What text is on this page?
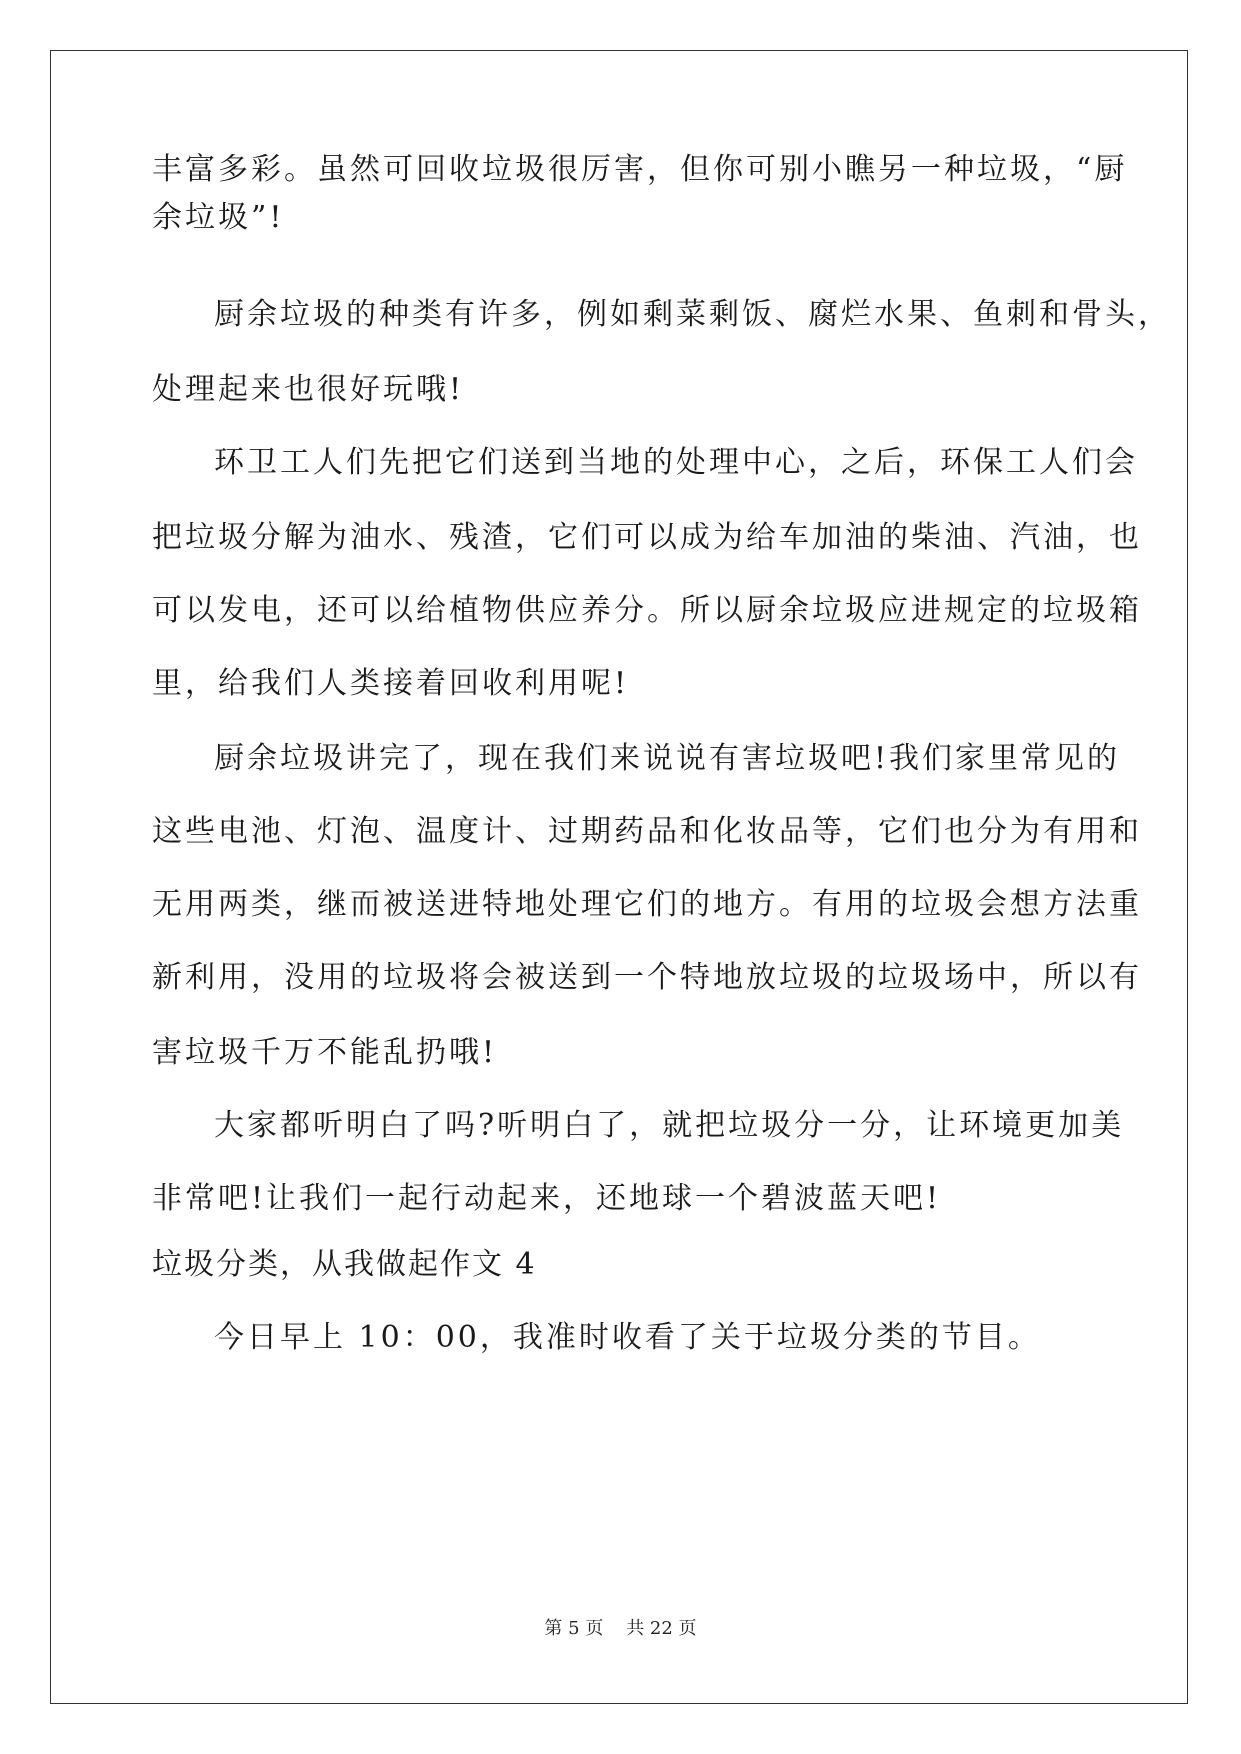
丰富多彩。虽然可回收垃圾很厉害，但你可别小瞧另一种垃圾，“厨
余垃圾”!
厨余垃圾的种类有许多，例如剩菜剩饭、腐烂水果、鱼刺和骨头，
处理起来也很好玩哦!
环卫工人们先把它们送到当地的处理中心，之后，环保工人们会
把垃圾分解为油水、残渣，它们可以成为给车加油的柴油、汽油，也
可以发电，还可以给植物供应养分。所以厨余垃圾应进规定的垃圾箱
里，给我们人类接着回收利用呢!
厨余垃圾讲完了，现在我们来说说有害垃圾吧!我们家里常见的
这些电池、灯泡、温度计、过期药品和化妆品等，它们也分为有用和
无用两类，继而被送进特地处理它们的地方。有用的垃圾会想方法重
新利用，没用的垃圾将会被送到一个特地放垃圾的垃圾场中，所以有
害垃圾千万不能乱扔哦!
大家都听明白了吗?听明白了，就把垃圾分一分，让环境更加美
非常吧!让我们一起行动起来，还地球一个碧波蓝天吧!
垃圾分类，从我做起作文 4
今日早上 10：00，我准时收看了关于垃圾分类的节目。
第 5 页    共 22 页
